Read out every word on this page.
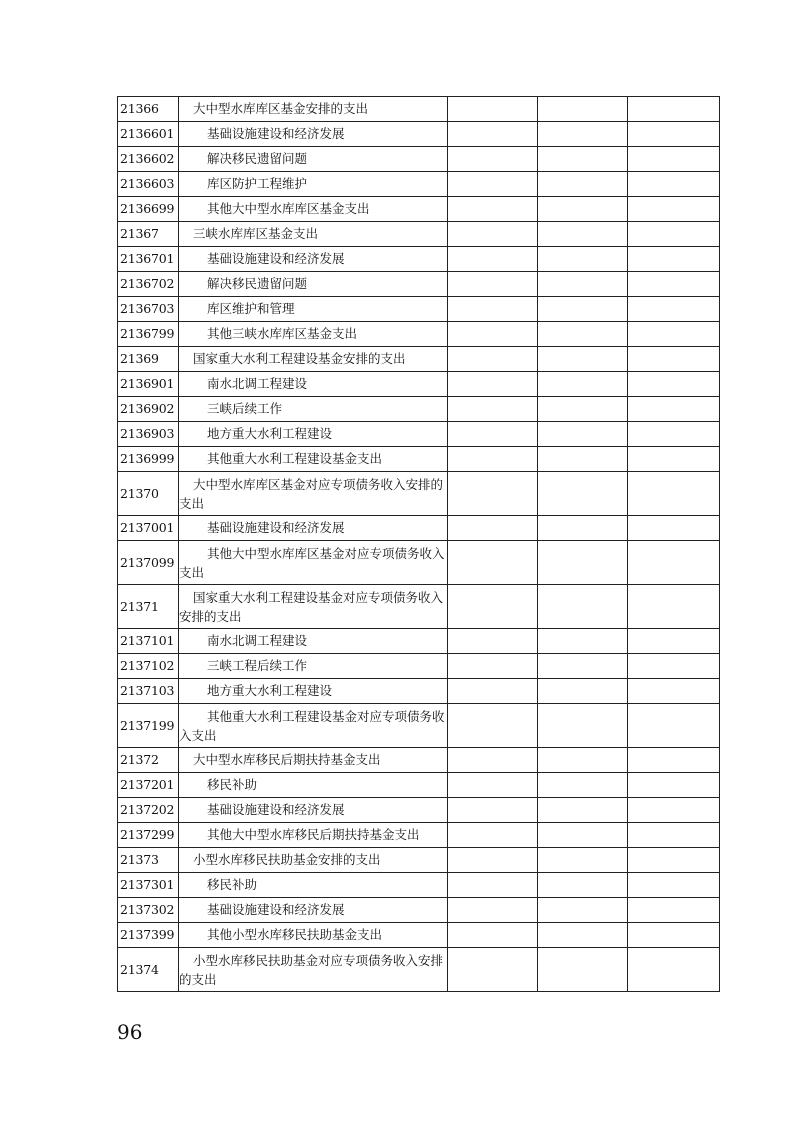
21366	大中型水库库区基金安排的支出			

2136601	基础设施建设和经济发展			

2136602	解决移民遗留问题			

2136603	库区防护工程维护			

2136699	其他大中型水库库区基金支出			

21367	三峡水库库区基金支出			

2136701	基础设施建设和经济发展			

2136702	解决移民遗留问题			

2136703	库区维护和管理			

2136799	其他三峡水库库区基金支出			

21369	国家重大水利工程建设基金安排的支出			

2136901	南水北调工程建设			

2136902	三峡后续工作			

2136903	地方重大水利工程建设			

2136999	其他重大水利工程建设基金支出			

21370	大中型水库库区基金对应专项债务收入安排的支出			

2137001	基础设施建设和经济发展			

2137099	其他大中型水库库区基金对应专项债务收入支出			

21371	国家重大水利工程建设基金对应专项债务收入安排的支出			

2137101	南水北调工程建设			

2137102	三峡工程后续工作			

2137103	地方重大水利工程建设			

2137199	其他重大水利工程建设基金对应专项债务收入支出			

21372	大中型水库移民后期扶持基金支出			

2137201	移民补助			

2137202	基础设施建设和经济发展			

2137299	其他大中型水库移民后期扶持基金支出			

21373	小型水库移民扶助基金安排的支出			

2137301	移民补助			

2137302	基础设施建设和经济发展			

2137399	其他小型水库移民扶助基金支出			

21374	小型水库移民扶助基金对应专项债务收入安排的支出			

96
